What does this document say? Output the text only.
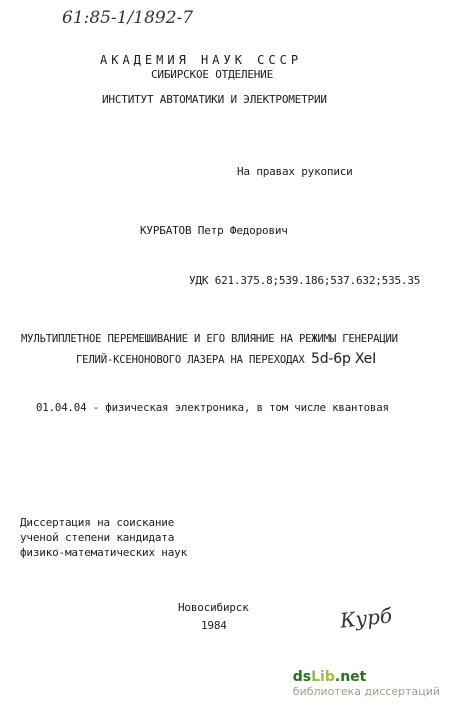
61:85-1/1892-7
АКАДЕМИЯ НАУК СССР
СИБИРСКОЕ ОТДЕЛЕНИЕ
ИНСТИТУТ АВТОМАТИКИ И ЭЛЕКТРОМЕТРИИ
На правах рукописи
КУРБАТОВ Петр Федорович
УДК 621.375.8;539.186;537.632;535.35
МУЛЬТИПЛЕТНОЕ ПЕРЕМЕШИВАНИЕ И ЕГО ВЛИЯНИЕ НА РЕЖИМЫ ГЕНЕРАЦИИ
ГЕЛИЙ-КСЕНОНОВОГО ЛАЗЕРА НА ПЕРЕХОДАХ 5d-6p XeI
01.04.04 - физическая электроника, в том числе квантовая
Диссертация на соискание
ученой степени кандидата
физико-математических наук
Новосибирск
1984	Курб
dsLib.net
библиотека диссертаций
